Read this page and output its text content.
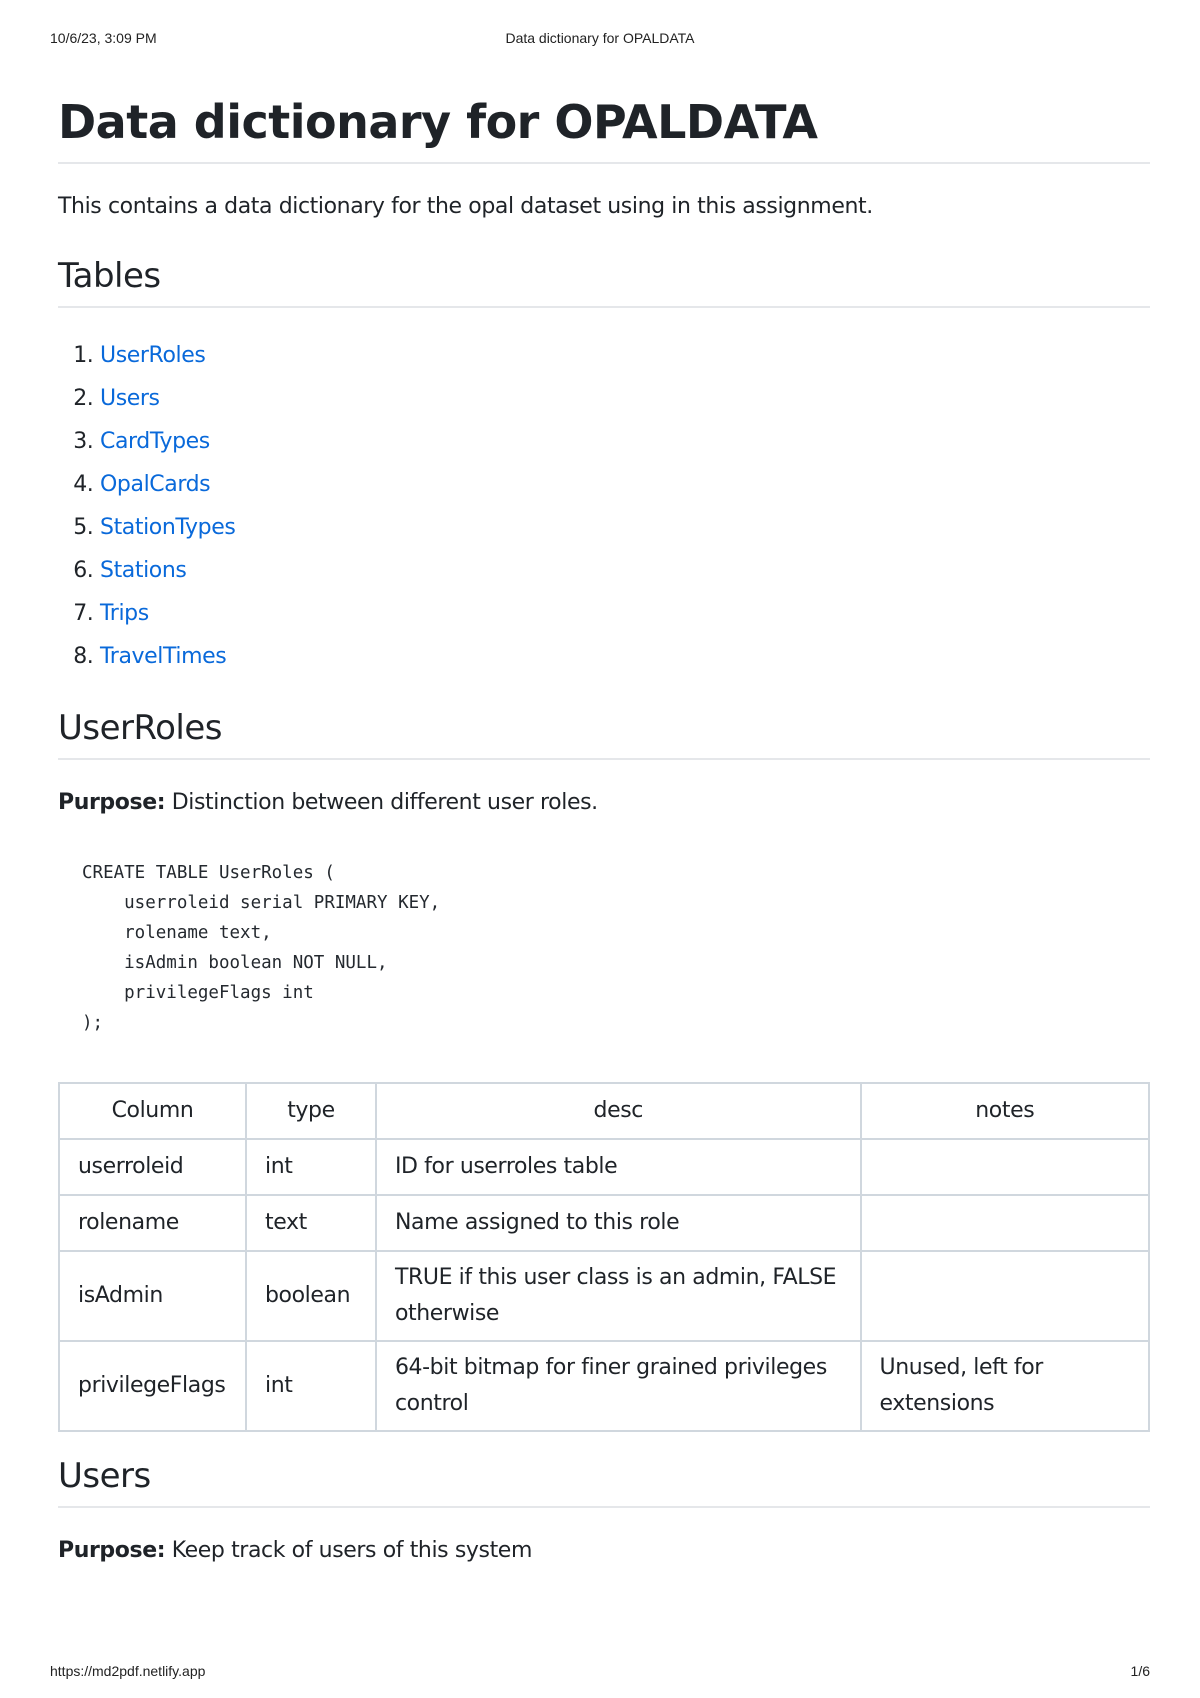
10/6/23, 3:09 PM	Data dictionary for OPALDATA
Data dictionary for OPALDATA

This contains a data dictionary for the opal dataset using in this assignment.

Tables
1. UserRoles
2. Users
3. CardTypes
4. OpalCards
5. StationTypes
6. Stations
7. Trips
8. TravelTimes
UserRoles

Purpose: Distinction between different user roles.

CREATE TABLE UserRoles (
userroleid serial PRIMARY KEY,
rolename text,
isAdmin boolean NOT NULL,
privilegeFlags int
);
Column	type	desc	notes
userroleid	int	ID for userroles table	
rolename	text	Name assigned to this role	
isAdmin	boolean	TRUE if this user class is an admin, FALSE otherwise	
privilegeFlags	int	64-bit bitmap for finer grained privileges control	Unused, left for extensions
Users

Purpose: Keep track of users of this system

https://md2pdf.netlify.app	1/6
